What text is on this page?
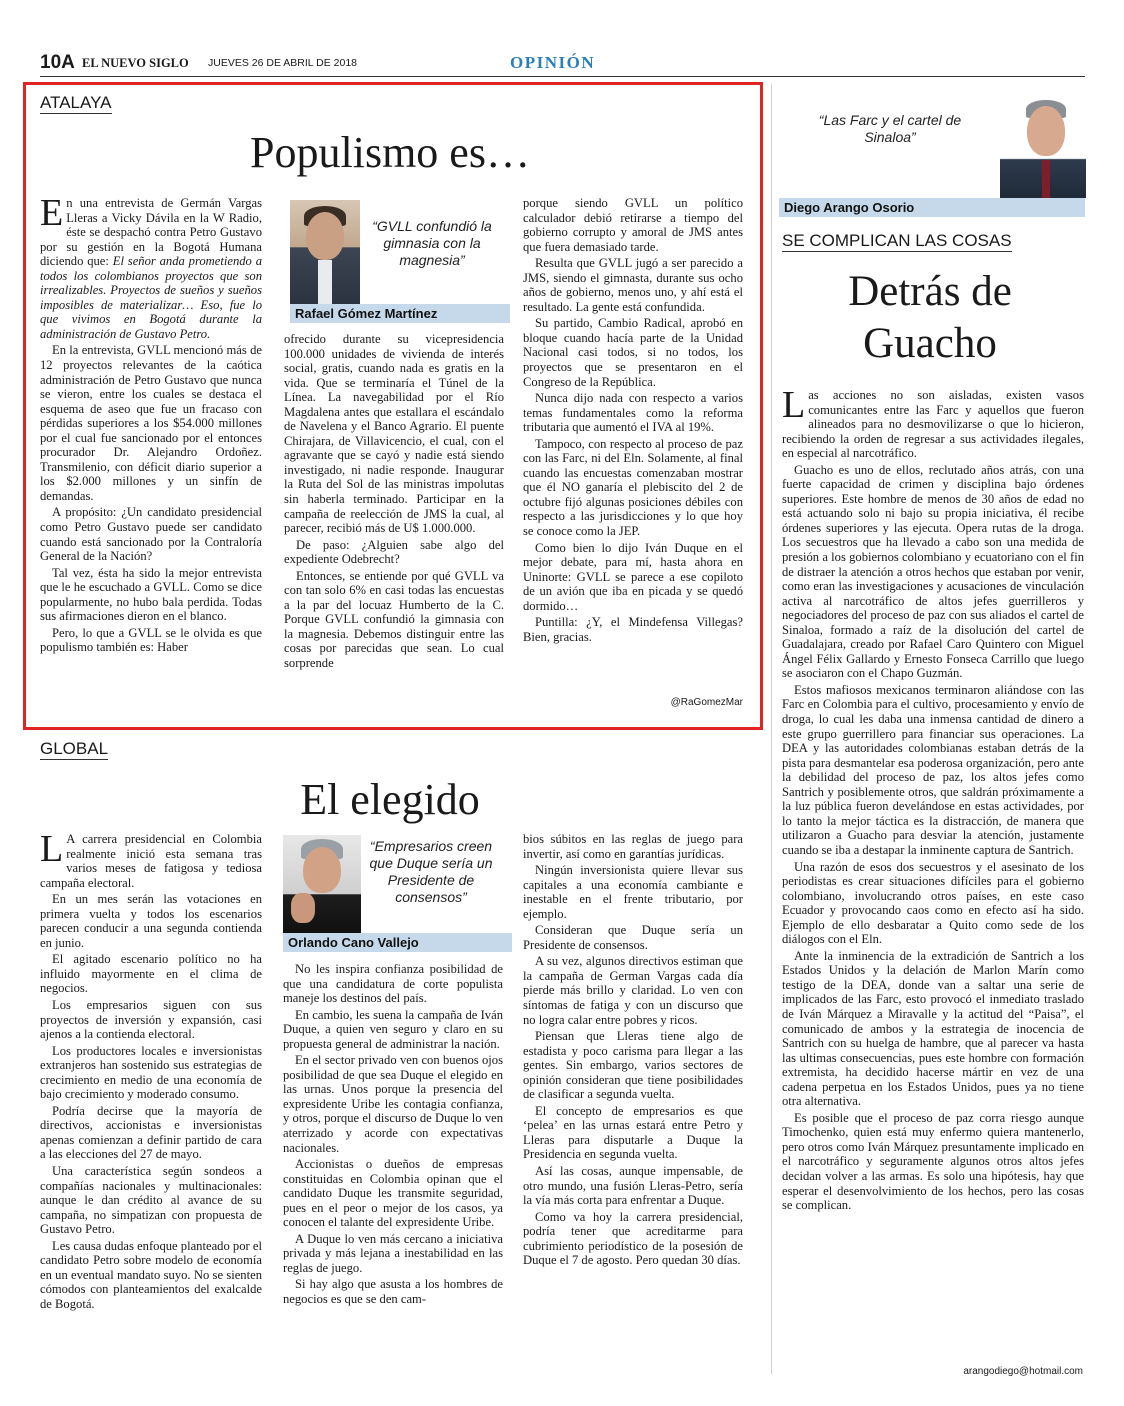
10A EL NUEVO SIGLO JUEVES 26 DE ABRIL DE 2018	OPINIÓN
ATALAYA
Populismo es…
“GVLL confundió la gimnasia con la magnesia”
Rafael Gómez Martínez

En una entrevista de Germán Vargas Lleras a Vicky Dávila en la W Radio, éste se despachó contra Petro Gustavo por su gestión en la Bogotá Humana diciendo que: El señor anda prometiendo a todos los colombianos proyectos que son irrealizables. Proyectos de sueños y sueños imposibles de materializar… Eso, fue lo que vivimos en Bogotá durante la administración de Gustavo Petro.

En la entrevista, GVLL mencionó más de 12 proyectos relevantes de la caótica administración de Petro Gustavo que nunca se vieron, entre los cuales se destaca el esquema de aseo que fue un fracaso con pérdidas superiores a los $54.000 millones por el cual fue sancionado por el entonces procurador Dr. Alejandro Ordoñez. Transmilenio, con déficit diario superior a los $2.000 millones y un sinfín de demandas.

A propósito: ¿Un candidato presidencial como Petro Gustavo puede ser candidato cuando está sancionado por la Contraloría General de la Nación?

Tal vez, ésta ha sido la mejor entrevista que le he escuchado a GVLL. Como se dice popularmente, no hubo bala perdida. Todas sus afirmaciones dieron en el blanco.

Pero, lo que a GVLL se le olvida es que populismo también es: Haber

ofrecido durante su vicepresidencia 100.000 unidades de vivienda de interés social, gratis, cuando nada es gratis en la vida. Que se terminaría el Túnel de la Línea. La navegabilidad por el Río Magdalena antes que estallara el escándalo de Navelena y el Banco Agrario. El puente Chirajara, de Villavicencio, el cual, con el agravante que se cayó y nadie está siendo investigado, ni nadie responde. Inaugurar la Ruta del Sol de las ministras impolutas sin haberla terminado. Participar en la campaña de reelección de JMS la cual, al parecer, recibió más de U$ 1.000.000.

De paso: ¿Alguien sabe algo del expediente Odebrecht?

Entonces, se entiende por qué GVLL va con tan solo 6% en casi todas las encuestas a la par del locuaz Humberto de la C. Porque GVLL confundió la gimnasia con la magnesia. Debemos distinguir entre las cosas por parecidas que sean. Lo cual sorprende

porque siendo GVLL un político calculador debió retirarse a tiempo del gobierno corrupto y amoral de JMS antes que fuera demasiado tarde.

Resulta que GVLL jugó a ser parecido a JMS, siendo el gimnasta, durante sus ocho años de gobierno, menos uno, y ahí está el resultado. La gente está confundida.

Su partido, Cambio Radical, aprobó en bloque cuando hacía parte de la Unidad Nacional casi todos, si no todos, los proyectos que se presentaron en el Congreso de la República.

Nunca dijo nada con respecto a varios temas fundamentales como la reforma tributaria que aumentó el IVA al 19%.

Tampoco, con respecto al proceso de paz con las Farc, ni del Eln. Solamente, al final cuando las encuestas comenzaban mostrar que él NO ganaría el plebiscito del 2 de octubre fijó algunas posiciones débiles con respecto a las jurisdicciones y lo que hoy se conoce como la JEP.

Como bien lo dijo Iván Duque en el mejor debate, para mí, hasta ahora en Uninorte: GVLL se parece a ese copiloto de un avión que iba en picada y se quedó dormido…

Puntilla: ¿Y, el Mindefensa Villegas? Bien, gracias.

@RaGomezMar
GLOBAL
El elegido
“Empresarios creen que Duque sería un Presidente de consensos”
Orlando Cano Vallejo

L A carrera presidencial en Colombia realmente inició esta semana tras varios meses de fatigosa y tediosa campaña electoral.

En un mes serán las votaciones en primera vuelta y todos los escenarios parecen conducir a una segunda contienda en junio.

El agitado escenario político no ha influido mayormente en el clima de negocios.

Los empresarios siguen con sus proyectos de inversión y expansión, casi ajenos a la contienda electoral.

Los productores locales e inversionistas extranjeros han sostenido sus estrategias de crecimiento en medio de una economía de bajo crecimiento y moderado consumo.

Podría decirse que la mayoría de directivos, accionistas e inversionistas apenas comienzan a definir partido de cara a las elecciones del 27 de mayo.

Una característica según sondeos a compañías nacionales y multinacionales: aunque le dan crédito al avance de su campaña, no simpatizan con propuesta de Gustavo Petro.

Les causa dudas enfoque planteado por el candidato Petro sobre modelo de economía en un eventual mandato suyo. No se sienten cómodos con planteamientos del exalcalde de Bogotá.

No les inspira confianza posibilidad de que una candidatura de corte populista maneje los destinos del país.

En cambio, les suena la campaña de Iván Duque, a quien ven seguro y claro en su propuesta general de administrar la nación.

En el sector privado ven con buenos ojos posibilidad de que sea Duque el elegido en las urnas. Unos porque la presencia del expresidente Uribe les contagia confianza, y otros, porque el discurso de Duque lo ven aterrizado y acorde con expectativas nacionales.

Accionistas o dueños de empresas constituidas en Colombia opinan que el candidato Duque les transmite seguridad, pues en el peor o mejor de los casos, ya conocen el talante del expresidente Uribe.

A Duque lo ven más cercano a iniciativa privada y más lejana a inestabilidad en las reglas de juego.

Si hay algo que asusta a los hombres de negocios es que se den cam-

bios súbitos en las reglas de juego para invertir, así como en garantías jurídicas.

Ningún inversionista quiere llevar sus capitales a una economía cambiante e inestable en el frente tributario, por ejemplo.

Consideran que Duque sería un Presidente de consensos.

A su vez, algunos directivos estiman que la campaña de German Vargas cada día pierde más brillo y claridad. Lo ven con síntomas de fatiga y con un discurso que no logra calar entre pobres y ricos.

Piensan que Lleras tiene algo de estadista y poco carisma para llegar a las gentes. Sin embargo, varios sectores de opinión consideran que tiene posibilidades de clasificar a segunda vuelta.

El concepto de empresarios es que ‘pelea’ en las urnas estará entre Petro y Lleras para disputarle a Duque la Presidencia en segunda vuelta.

Así las cosas, aunque impensable, de otro mundo, una fusión Lleras-Petro, sería la vía más corta para enfrentar a Duque.

Como va hoy la carrera presidencial, podría tener que acreditarme para cubrimiento periodístico de la posesión de Duque el 7 de agosto. Pero quedan 30 días.

“Las Farc y el cartel de Sinaloa”
Diego Arango Osorio
SE COMPLICAN LAS COSAS
Detrás de
Guacho

Las acciones no son aisladas, existen vasos comunicantes entre las Farc y aquellos que fueron alineados para no desmovilizarse o que lo hicieron, recibiendo la orden de regresar a sus actividades ilegales, en especial al narcotráfico.

Guacho es uno de ellos, reclutado años atrás, con una fuerte capacidad de crimen y disciplina bajo órdenes superiores. Este hombre de menos de 30 años de edad no está actuando solo ni bajo su propia iniciativa, él recibe órdenes superiores y las ejecuta. Opera rutas de la droga. Los secuestros que ha llevado a cabo son una medida de presión a los gobiernos colombiano y ecuatoriano con el fin de distraer la atención a otros hechos que estaban por venir, como eran las investigaciones y acusaciones de vinculación activa al narcotráfico de altos jefes guerrilleros y negociadores del proceso de paz con sus aliados el cartel de Sinaloa, formado a raíz de la disolución del cartel de Guadalajara, creado por Rafael Caro Quintero con Miguel Ángel Félix Gallardo y Ernesto Fonseca Carrillo que luego se asociaron con el Chapo Guzmán.

Estos mafiosos mexicanos terminaron aliándose con las Farc en Colombia para el cultivo, procesamiento y envío de droga, lo cual les daba una inmensa cantidad de dinero a este grupo guerrillero para financiar sus operaciones. La DEA y las autoridades colombianas estaban detrás de la pista para desmantelar esa poderosa organización, pero ante la debilidad del proceso de paz, los altos jefes como Santrich y posiblemente otros, que saldrán próximamente a la luz pública fueron develándose en estas actividades, por lo tanto la mejor táctica es la distracción, de manera que utilizaron a Guacho para desviar la atención, justamente cuando se iba a destapar la inminente captura de Santrich.

Una razón de esos dos secuestros y el asesinato de los periodistas es crear situaciones difíciles para el gobierno colombiano, involucrando otros países, en este caso Ecuador y provocando caos como en efecto así ha sido. Ejemplo de ello desbaratar a Quito como sede de los diálogos con el Eln.

Ante la inminencia de la extradición de Santrich a los Estados Unidos y la delación de Marlon Marín como testigo de la DEA, donde van a saltar una serie de implicados de las Farc, esto provocó el inmediato traslado de Iván Márquez a Miravalle y la actitud del “Paisa”, el comunicado de ambos y la estrategia de inocencia de Santrich con su huelga de hambre, que al parecer va hasta las ultimas consecuencias, pues este hombre con formación extremista, ha decidido hacerse mártir en vez de una cadena perpetua en los Estados Unidos, pues ya no tiene otra alternativa.

Es posible que el proceso de paz corra riesgo aunque Timochenko, quien está muy enfermo quiera mantenerlo, pero otros como Iván Márquez presuntamente implicado en el narcotráfico y seguramente algunos otros altos jefes decidan volver a las armas. Es solo una hipótesis, hay que esperar el desenvolvimiento de los hechos, pero las cosas se complican.

arangodiego@hotmail.com
